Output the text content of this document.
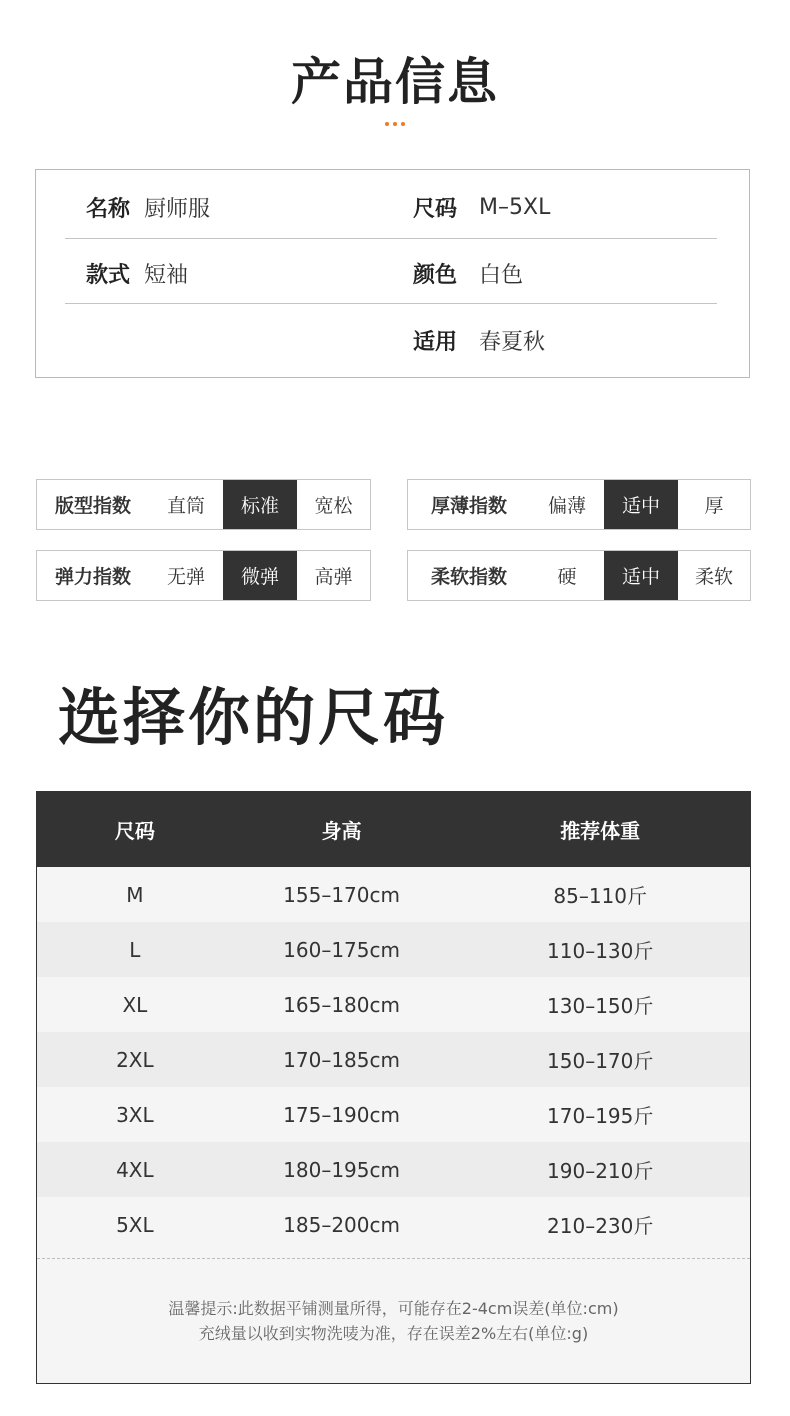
产品信息
名称 厨师服	尺码 M–5XL
款式 短袖	颜色 白色
适用 春夏秋
版型指数	直筒	标准	宽松	厚薄指数	偏薄	适中	厚
弹力指数	无弹	微弹	高弹	柔软指数	硬	适中	柔软
选择你的尺码
尺码	身高	推荐体重
M	155–170cm	85–110斤
L	160–175cm	110–130斤
XL	165–180cm	130–150斤
2XL	170–185cm	150–170斤
3XL	175–190cm	170–195斤
4XL	180–195cm	190–210斤
5XL	185–200cm	210–230斤
温馨提示:此数据平铺测量所得，可能存在2-4cm误差(单位:cm)
充绒量以收到实物洗唛为准，存在误差2%左右(单位:g)
